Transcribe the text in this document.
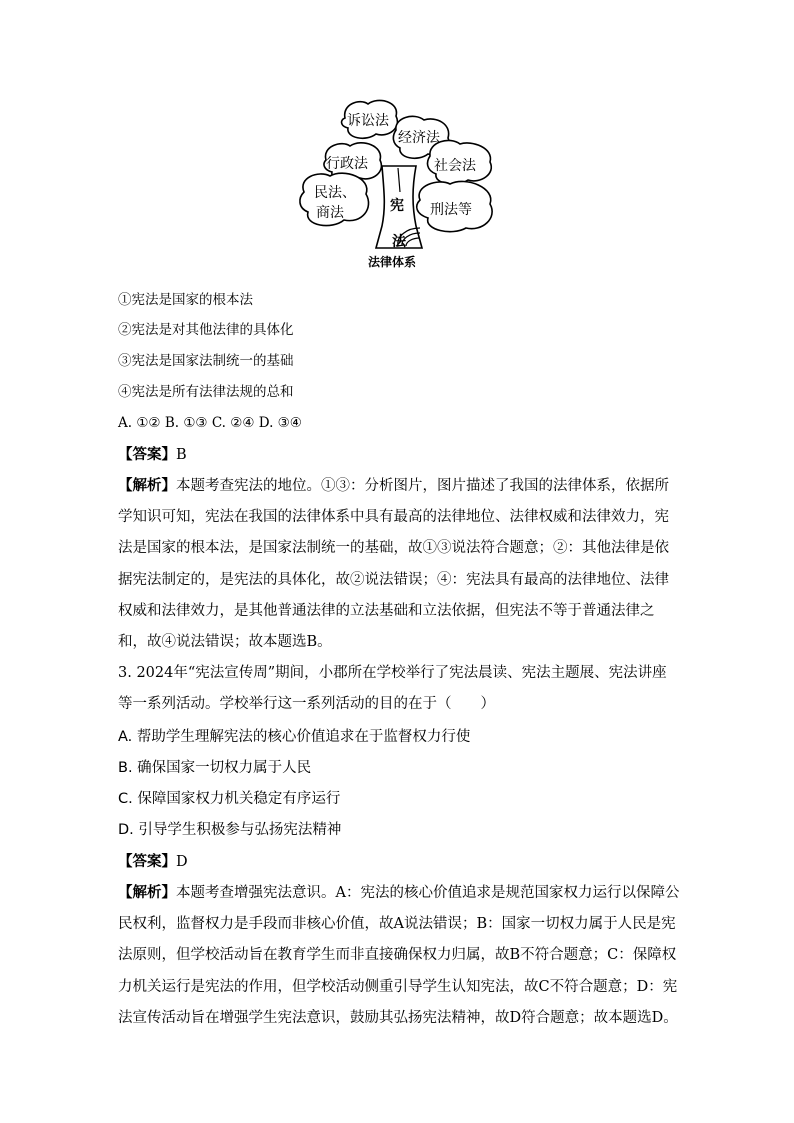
诉讼法
经济法
行政法	社会法
民法、
商法	刑法等
宪
法
法律体系
①宪法是国家的根本法
②宪法是对其他法律的具体化
③宪法是国家法制统一的基础
④宪法是所有法律法规的总和
A. ①② B. ①③ C. ②④ D. ③④
【答案】B
【解析】本题考查宪法的地位。①③：分析图片，图片描述了我国的法律体系，依据所学知识可知，宪法在我国的法律体系中具有最高的法律地位、法律权威和法律效力，宪法是国家的根本法，是国家法制统一的基础，故①③说法符合题意；②：其他法律是依据宪法制定的，是宪法的具体化，故②说法错误；④：宪法具有最高的法律地位、法律权威和法律效力，是其他普通法律的立法基础和立法依据，但宪法不等于普通法律之和，故④说法错误；故本题选B。
3. 2024年“宪法宣传周”期间，小郡所在学校举行了宪法晨读、宪法主题展、宪法讲座等一系列活动。学校举行这一系列活动的目的在于（　　）
A. 帮助学生理解宪法的核心价值追求在于监督权力行使
B. 确保国家一切权力属于人民
C. 保障国家权力机关稳定有序运行
D. 引导学生积极参与弘扬宪法精神
【答案】D
【解析】本题考查增强宪法意识。A：宪法的核心价值追求是规范国家权力运行以保障公民权利，监督权力是手段而非核心价值，故A说法错误；B：国家一切权力属于人民是宪法原则，但学校活动旨在教育学生而非直接确保权力归属，故B不符合题意；C：保障权力机关运行是宪法的作用，但学校活动侧重引导学生认知宪法，故C不符合题意；D：宪法宣传活动旨在增强学生宪法意识，鼓励其弘扬宪法精神，故D符合题意；故本题选D。
